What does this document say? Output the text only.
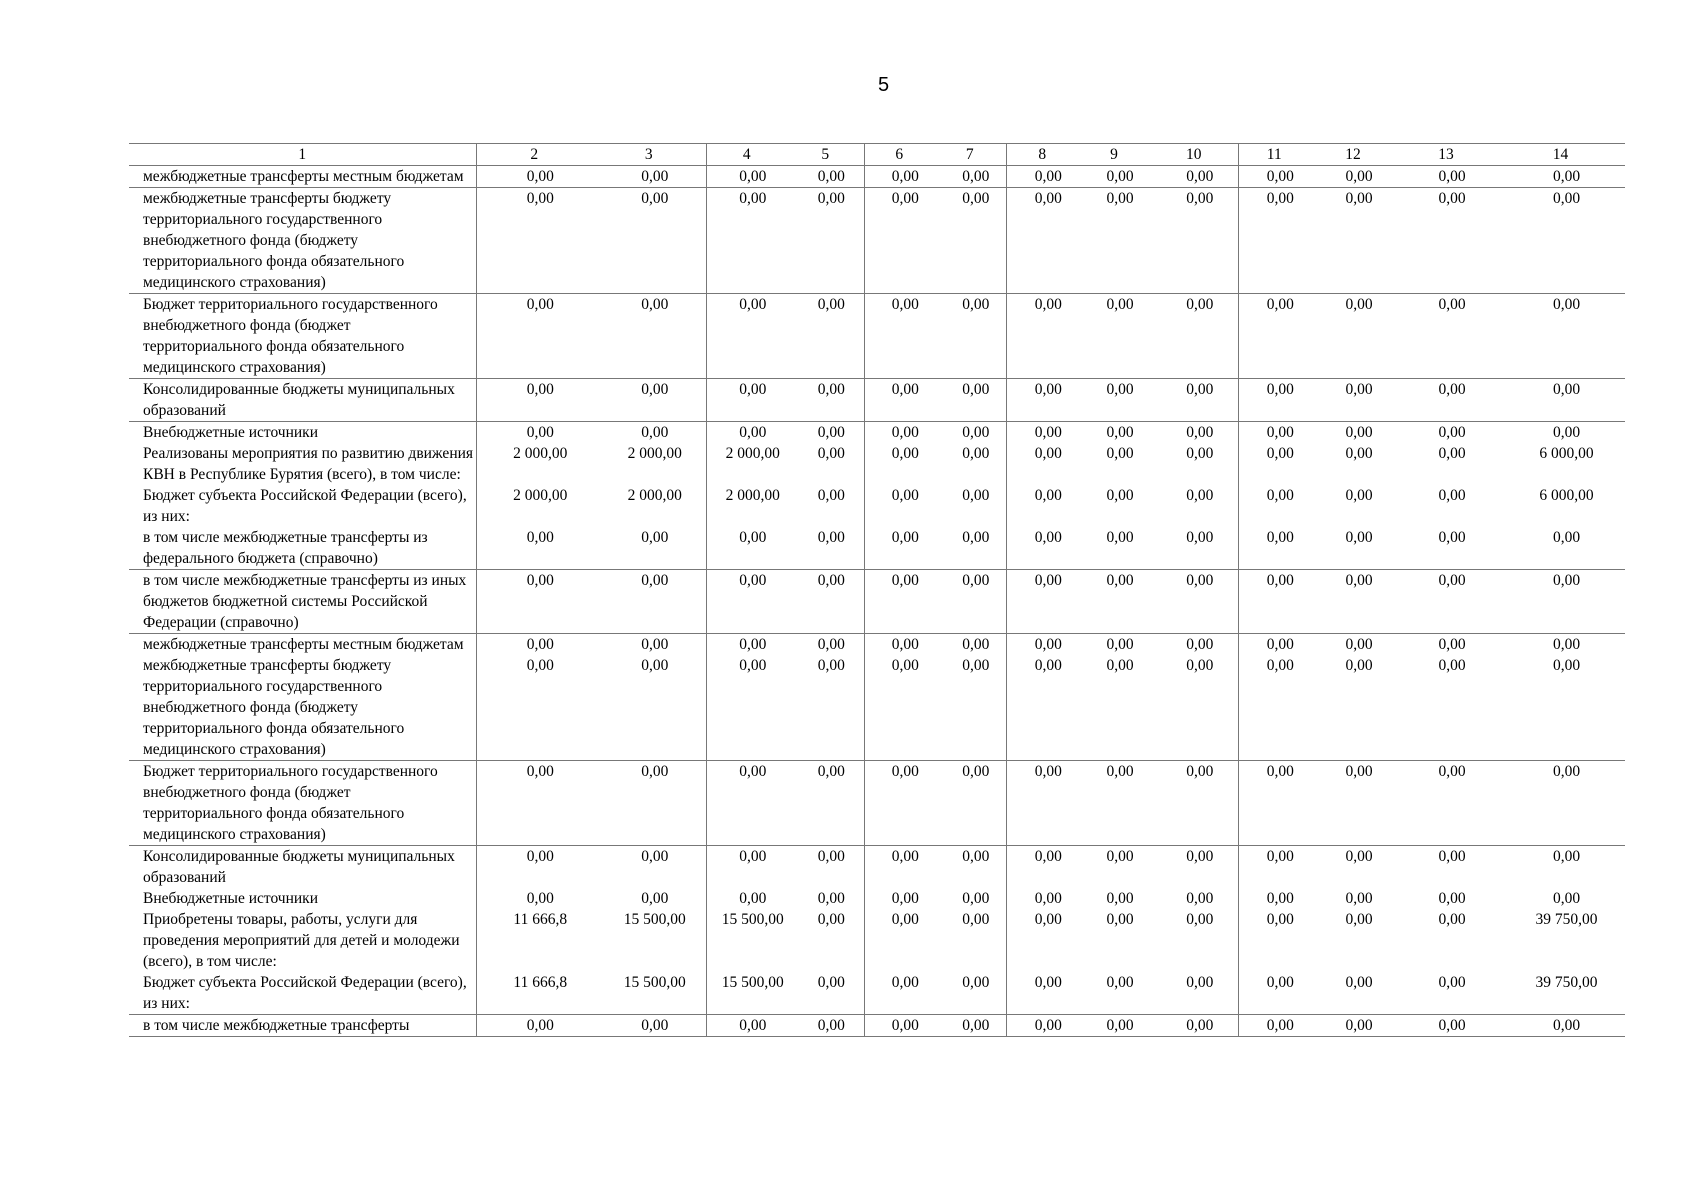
5
1	2	3	4	5	6	7	8	9	10	11	12	13	14
межбюджетные трансферты местным бюджетам	0,00	0,00	0,00	0,00	0,00	0,00	0,00	0,00	0,00	0,00	0,00	0,00	0,00
межбюджетные трансферты бюджету территориального государственного внебюджетного фонда (бюджету территориального фонда обязательного медицинского страхования)	0,00	0,00	0,00	0,00	0,00	0,00	0,00	0,00	0,00	0,00	0,00	0,00	0,00
Бюджет территориального государственного внебюджетного фонда (бюджет территориального фонда обязательного медицинского страхования)	0,00	0,00	0,00	0,00	0,00	0,00	0,00	0,00	0,00	0,00	0,00	0,00	0,00
Консолидированные бюджеты муниципальных образований	0,00	0,00	0,00	0,00	0,00	0,00	0,00	0,00	0,00	0,00	0,00	0,00	0,00
Внебюджетные источники	0,00	0,00	0,00	0,00	0,00	0,00	0,00	0,00	0,00	0,00	0,00	0,00	0,00
Реализованы мероприятия по развитию движения КВН в Республике Бурятия (всего), в том числе:	2 000,00	2 000,00	2 000,00	0,00	0,00	0,00	0,00	0,00	0,00	0,00	0,00	0,00	6 000,00
Бюджет субъекта Российской Федерации (всего), из них:	2 000,00	2 000,00	2 000,00	0,00	0,00	0,00	0,00	0,00	0,00	0,00	0,00	0,00	6 000,00
в том числе межбюджетные трансферты из федерального бюджета (справочно)	0,00	0,00	0,00	0,00	0,00	0,00	0,00	0,00	0,00	0,00	0,00	0,00	0,00
в том числе межбюджетные трансферты из иных бюджетов бюджетной системы Российской Федерации (справочно)	0,00	0,00	0,00	0,00	0,00	0,00	0,00	0,00	0,00	0,00	0,00	0,00	0,00
межбюджетные трансферты местным бюджетам	0,00	0,00	0,00	0,00	0,00	0,00	0,00	0,00	0,00	0,00	0,00	0,00	0,00
межбюджетные трансферты бюджету территориального государственного внебюджетного фонда (бюджету территориального фонда обязательного медицинского страхования)	0,00	0,00	0,00	0,00	0,00	0,00	0,00	0,00	0,00	0,00	0,00	0,00	0,00
Бюджет территориального государственного внебюджетного фонда (бюджет территориального фонда обязательного медицинского страхования)	0,00	0,00	0,00	0,00	0,00	0,00	0,00	0,00	0,00	0,00	0,00	0,00	0,00
Консолидированные бюджеты муниципальных образований	0,00	0,00	0,00	0,00	0,00	0,00	0,00	0,00	0,00	0,00	0,00	0,00	0,00
Внебюджетные источники	0,00	0,00	0,00	0,00	0,00	0,00	0,00	0,00	0,00	0,00	0,00	0,00	0,00
Приобретены товары, работы, услуги для проведения мероприятий для детей и молодежи (всего), в том числе:	11 666,8	15 500,00	15 500,00	0,00	0,00	0,00	0,00	0,00	0,00	0,00	0,00	0,00	39 750,00
Бюджет субъекта Российской Федерации (всего), из них:	11 666,8	15 500,00	15 500,00	0,00	0,00	0,00	0,00	0,00	0,00	0,00	0,00	0,00	39 750,00
в том числе межбюджетные трансферты	0,00	0,00	0,00	0,00	0,00	0,00	0,00	0,00	0,00	0,00	0,00	0,00	0,00
